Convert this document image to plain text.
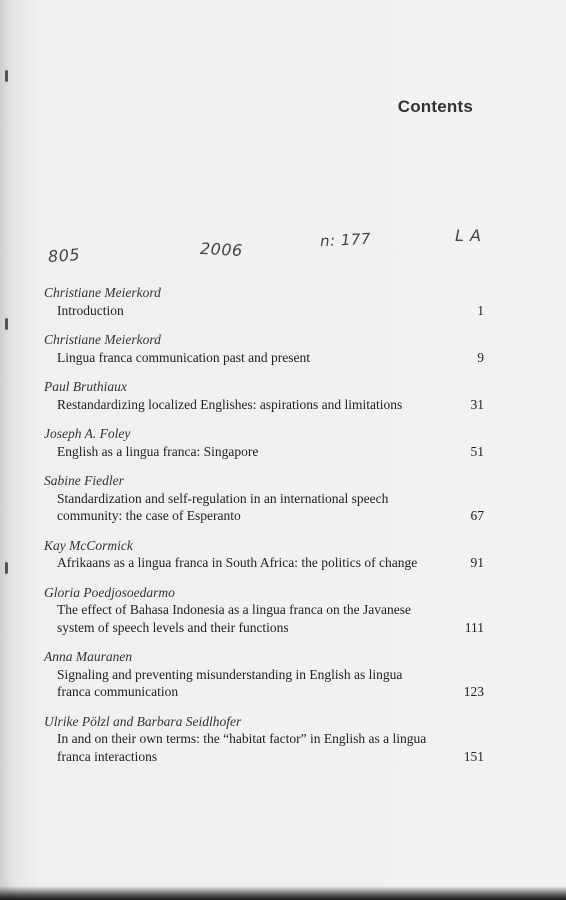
Contents
805	2006	n: 177	L A
Christiane Meierkord
Introduction	1
Christiane Meierkord
Lingua franca communication past and present	9
Paul Bruthiaux
Restandardizing localized Englishes: aspirations and limitations	31
Joseph A. Foley
English as a lingua franca: Singapore	51
Sabine Fiedler
Standardization and self-regulation in an international speech community: the case of Esperanto	67
Kay McCormick
Afrikaans as a lingua franca in South Africa: the politics of change	91
Gloria Poedjosoedarmo
The effect of Bahasa Indonesia as a lingua franca on the Javanese system of speech levels and their functions	111
Anna Mauranen
Signaling and preventing misunderstanding in English as lingua franca communication	123
Ulrike Pölzl and Barbara Seidlhofer
In and on their own terms: the “habitat factor” in English as a lingua franca interactions	151
